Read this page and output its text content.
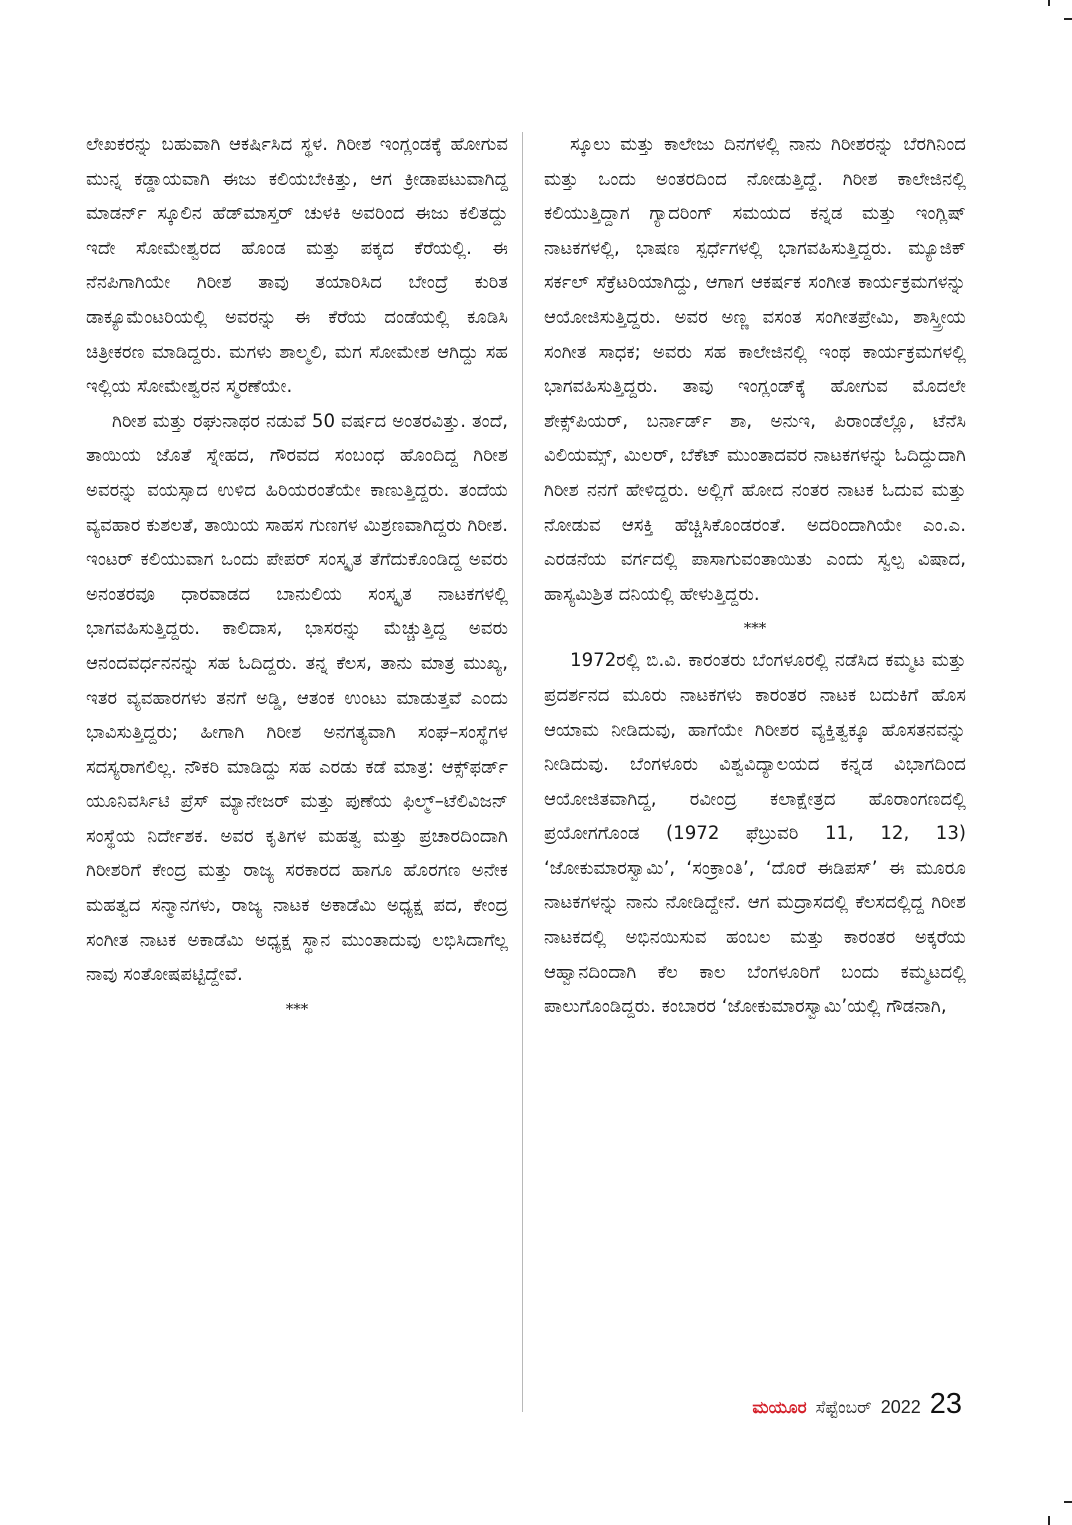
ಲೇಖಕರನ್ನು ಬಹುವಾಗಿ ಆಕರ್ಷಿಸಿದ ಸ್ಥಳ. ಗಿರೀಶ ಇಂಗ್ಲಂಡಕ್ಕೆ ಹೋಗುವ ಮುನ್ನ ಕಡ್ಡಾಯವಾಗಿ ಈಜು ಕಲಿಯಬೇಕಿತ್ತು, ಆಗ ಕ್ರೀಡಾಪಟುವಾಗಿದ್ದ ಮಾಡರ್ನ್ ಸ್ಕೂಲಿನ ಹೆಡ್‌ಮಾಸ್ತರ್ ಚುಳಕಿ ಅವರಿಂದ ಈಜು ಕಲಿತದ್ದು ಇದೇ ಸೋಮೇಶ್ವರದ ಹೊಂಡ ಮತ್ತು ಪಕ್ಕದ ಕೆರೆಯಲ್ಲಿ. ಈ ನೆನಪಿಗಾಗಿಯೇ ಗಿರೀಶ ತಾವು ತಯಾರಿಸಿದ ಬೇಂದ್ರೆ ಕುರಿತ ಡಾಕ್ಯೂಮೆಂಟರಿಯಲ್ಲಿ ಅವರನ್ನು ಈ ಕೆರೆಯ ದಂಡೆಯಲ್ಲಿ ಕೂಡಿಸಿ ಚಿತ್ರೀಕರಣ ಮಾಡಿದ್ದರು. ಮಗಳು ಶಾಲ್ಮಲಿ, ಮಗ ಸೋಮೇಶ ಆಗಿದ್ದು ಸಹ ಇಲ್ಲಿಯ ಸೋಮೇಶ್ವರನ ಸ್ಮರಣೆಯೇ.

ಗಿರೀಶ ಮತ್ತು ರಘುನಾಥರ ನಡುವೆ 50 ವರ್ಷದ ಅಂತರವಿತ್ತು. ತಂದೆ, ತಾಯಿಯ ಜೊತೆ ಸ್ನೇಹದ, ಗೌರವದ ಸಂಬಂಧ ಹೊಂದಿದ್ದ ಗಿರೀಶ ಅವರನ್ನು ವಯಸ್ಸಾದ ಉಳಿದ ಹಿರಿಯರಂತೆಯೇ ಕಾಣುತ್ತಿದ್ದರು. ತಂದೆಯ ವ್ಯವಹಾರ ಕುಶಲತೆ, ತಾಯಿಯ ಸಾಹಸ ಗುಣಗಳ ಮಿಶ್ರಣವಾಗಿದ್ದರು ಗಿರೀಶ. ಇಂಟರ್ ಕಲಿಯುವಾಗ ಒಂದು ಪೇಪರ್ ಸಂಸ್ಕೃತ ತೆಗೆದುಕೊಂಡಿದ್ದ ಅವರು ಅನಂತರವೂ ಧಾರವಾಡದ ಬಾನುಲಿಯ ಸಂಸ್ಕೃತ ನಾಟಕಗಳಲ್ಲಿ ಭಾಗವಹಿಸುತ್ತಿದ್ದರು. ಕಾಲಿದಾಸ, ಭಾಸರನ್ನು ಮೆಚ್ಚುತ್ತಿದ್ದ ಅವರು ಆನಂದವರ್ಧನನನ್ನು ಸಹ ಓದಿದ್ದರು. ತನ್ನ ಕೆಲಸ, ತಾನು ಮಾತ್ರ ಮುಖ್ಯ, ಇತರ ವ್ಯವಹಾರಗಳು ತನಗೆ ಅಡ್ಡಿ, ಆತಂಕ ಉಂಟು ಮಾಡುತ್ತವೆ ಎಂದು ಭಾವಿಸುತ್ತಿದ್ದರು; ಹೀಗಾಗಿ ಗಿರೀಶ ಅನಗತ್ಯವಾಗಿ ಸಂಘ–ಸಂಸ್ಥೆಗಳ ಸದಸ್ಯರಾಗಲಿಲ್ಲ. ನೌಕರಿ ಮಾಡಿದ್ದು ಸಹ ಎರಡು ಕಡೆ ಮಾತ್ರ: ಆಕ್ಸ್‌ಫರ್ಡ್ ಯೂನಿವರ್ಸಿಟಿ ಪ್ರೆಸ್ ಮ್ಯಾನೇಜರ್ ಮತ್ತು ಪುಣೆಯ ಫಿಲ್ಮ್–ಟೆಲಿವಿಜನ್ ಸಂಸ್ಥೆಯ ನಿರ್ದೇಶಕ. ಅವರ ಕೃತಿಗಳ ಮಹತ್ವ ಮತ್ತು ಪ್ರಚಾರದಿಂದಾಗಿ ಗಿರೀಶರಿಗೆ ಕೇಂದ್ರ ಮತ್ತು ರಾಜ್ಯ ಸರಕಾರದ ಹಾಗೂ ಹೊರಗಣ ಅನೇಕ ಮಹತ್ವದ ಸನ್ಮಾನಗಳು, ರಾಜ್ಯ ನಾಟಕ ಅಕಾಡೆಮಿ ಅಧ್ಯಕ್ಷ ಪದ, ಕೇಂದ್ರ ಸಂಗೀತ ನಾಟಕ ಅಕಾಡೆಮಿ ಅಧ್ಯಕ್ಷ ಸ್ಥಾನ ಮುಂತಾದುವು ಲಭಿಸಿದಾಗೆಲ್ಲ ನಾವು ಸಂತೋಷಪಟ್ಟಿದ್ದೇವೆ.

***

ಸ್ಕೂಲು ಮತ್ತು ಕಾಲೇಜು ದಿನಗಳಲ್ಲಿ ನಾನು ಗಿರೀಶರನ್ನು ಬೆರಗಿನಿಂದ ಮತ್ತು ಒಂದು ಅಂತರದಿಂದ ನೋಡುತ್ತಿದ್ದೆ. ಗಿರೀಶ ಕಾಲೇಜಿನಲ್ಲಿ ಕಲಿಯುತ್ತಿದ್ದಾಗ ಗ್ಯಾದರಿಂಗ್ ಸಮಯದ ಕನ್ನಡ ಮತ್ತು ಇಂಗ್ಲಿಷ್ ನಾಟಕಗಳಲ್ಲಿ, ಭಾಷಣ ಸ್ಪರ್ಧೆಗಳಲ್ಲಿ ಭಾಗವಹಿಸುತ್ತಿದ್ದರು. ಮ್ಯೂಜಿಕ್ ಸರ್ಕಲ್ ಸೆಕ್ರೆಟರಿಯಾಗಿದ್ದು, ಆಗಾಗ ಆಕರ್ಷಕ ಸಂಗೀತ ಕಾರ್ಯಕ್ರಮಗಳನ್ನು ಆಯೋಜಿಸುತ್ತಿದ್ದರು. ಅವರ ಅಣ್ಣ ವಸಂತ ಸಂಗೀತಪ್ರೇಮಿ, ಶಾಸ್ತ್ರೀಯ ಸಂಗೀತ ಸಾಧಕ; ಅವರು ಸಹ ಕಾಲೇಜಿನಲ್ಲಿ ಇಂಥ ಕಾರ್ಯಕ್ರಮಗಳಲ್ಲಿ ಭಾಗವಹಿಸುತ್ತಿದ್ದರು. ತಾವು ಇಂಗ್ಲಂಡ್‌ಕ್ಕೆ ಹೋಗುವ ಮೊದಲೇ ಶೇಕ್ಸ್‌ಪಿಯರ್, ಬರ್ನಾರ್ಡ್ ಶಾ, ಅನುಇ, ಪಿರಾಂಡೆಲ್ಲೊ, ಟೆನೆಸಿ ವಿಲಿಯಮ್ಸ್, ಮಿಲರ್, ಬೆಕೆಟ್ ಮುಂತಾದವರ ನಾಟಕಗಳನ್ನು ಓದಿದ್ದುದಾಗಿ ಗಿರೀಶ ನನಗೆ ಹೇಳಿದ್ದರು. ಅಲ್ಲಿಗೆ ಹೋದ ನಂತರ ನಾಟಕ ಓದುವ ಮತ್ತು ನೋಡುವ ಆಸಕ್ತಿ ಹೆಚ್ಚಿಸಿಕೊಂಡರಂತೆ. ಅದರಿಂದಾಗಿಯೇ ಎಂ.ಎ. ಎರಡನೆಯ ವರ್ಗದಲ್ಲಿ ಪಾಸಾಗುವಂತಾಯಿತು ಎಂದು ಸ್ವಲ್ಪ ವಿಷಾದ, ಹಾಸ್ಯಮಿಶ್ರಿತ ದನಿಯಲ್ಲಿ ಹೇಳುತ್ತಿದ್ದರು.

***

1972ರಲ್ಲಿ ಬಿ.ವಿ. ಕಾರಂತರು ಬೆಂಗಳೂರಲ್ಲಿ ನಡೆಸಿದ ಕಮ್ಮಟ ಮತ್ತು ಪ್ರದರ್ಶನದ ಮೂರು ನಾಟಕಗಳು ಕಾರಂತರ ನಾಟಕ ಬದುಕಿಗೆ ಹೊಸ ಆಯಾಮ ನೀಡಿದುವು, ಹಾಗೆಯೇ ಗಿರೀಶರ ವ್ಯಕ್ತಿತ್ವಕ್ಕೂ ಹೊಸತನವನ್ನು ನೀಡಿದುವು. ಬೆಂಗಳೂರು ವಿಶ್ವವಿದ್ಯಾಲಯದ ಕನ್ನಡ ವಿಭಾಗದಿಂದ ಆಯೋಜಿತವಾಗಿದ್ದ, ರವೀಂದ್ರ ಕಲಾಕ್ಷೇತ್ರದ ಹೊರಾಂಗಣದಲ್ಲಿ ಪ್ರಯೋಗಗೊಂಡ (1972 ಫೆಬ್ರುವರಿ 11, 12, 13) ‘ಜೋಕುಮಾರಸ್ವಾಮಿ’, ‘ಸಂಕ್ರಾಂತಿ’, ‘ದೊರೆ ಈಡಿಪಸ್’ ಈ ಮೂರೂ ನಾಟಕಗಳನ್ನು ನಾನು ನೋಡಿದ್ದೇನೆ. ಆಗ ಮದ್ರಾಸದಲ್ಲಿ ಕೆಲಸದಲ್ಲಿದ್ದ ಗಿರೀಶ ನಾಟಕದಲ್ಲಿ ಅಭಿನಯಿಸುವ ಹಂಬಲ ಮತ್ತು ಕಾರಂತರ ಅಕ್ಕರೆಯ ಆಹ್ವಾನದಿಂದಾಗಿ ಕೆಲ ಕಾಲ ಬೆಂಗಳೂರಿಗೆ ಬಂದು ಕಮ್ಮಟದಲ್ಲಿ ಪಾಲುಗೊಂಡಿದ್ದರು. ಕಂಬಾರರ ‘ಜೋಕುಮಾರಸ್ವಾಮಿ’ಯಲ್ಲಿ ಗೌಡನಾಗಿ,

ಮಯೂರ ಸೆಪ್ಟೆಂಬರ್ 2022 23
